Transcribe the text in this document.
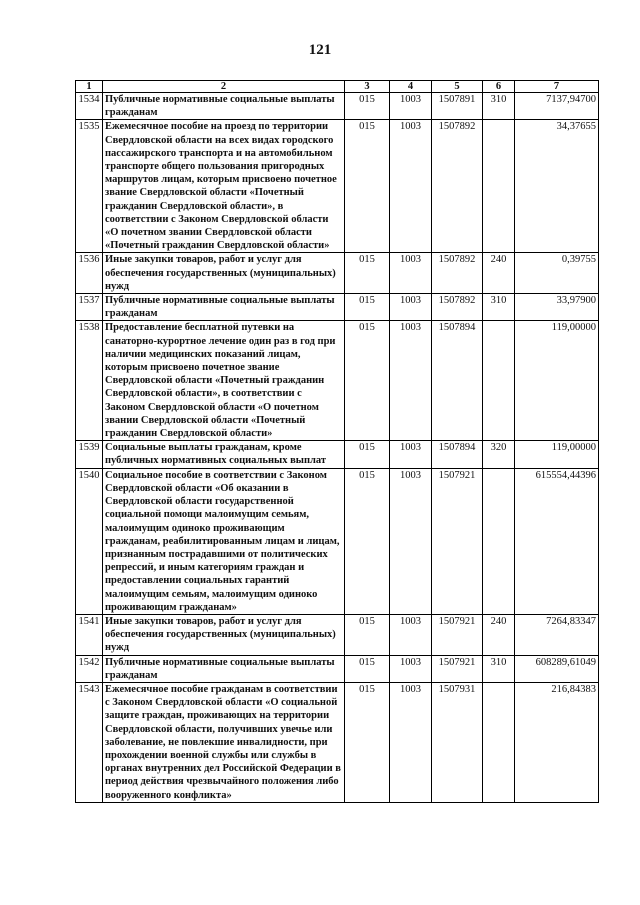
121
1	2	3	4	5	6	7
1534	Публичные нормативные социальные выплаты гражданам	015	1003	1507891	310	7137,94700
1535	Ежемесячное пособие на проезд по территории Свердловской области на всех видах городского пассажирского транспорта и на автомобильном транспорте общего пользования пригородных маршрутов лицам, которым присвоено почетное звание Свердловской области «Почетный гражданин Свердловской области», в соответствии с Законом Свердловской области «О почетном звании Свердловской области «Почетный гражданин Свердловской области»	015	1003	1507892		34,37655
1536	Иные закупки товаров, работ и услуг для обеспечения государственных (муниципальных) нужд	015	1003	1507892	240	0,39755
1537	Публичные нормативные социальные выплаты гражданам	015	1003	1507892	310	33,97900
1538	Предоставление бесплатной путевки на санаторно-курортное лечение один раз в год при наличии медицинских показаний лицам, которым присвоено почетное звание Свердловской области «Почетный гражданин Свердловской области», в соответствии с Законом Свердловской области «О почетном звании Свердловской области «Почетный гражданин Свердловской области»	015	1003	1507894		119,00000
1539	Социальные выплаты гражданам, кроме публичных нормативных социальных выплат	015	1003	1507894	320	119,00000
1540	Социальное пособие в соответствии с Законом Свердловской области «Об оказании в Свердловской области государственной социальной помощи малоимущим семьям, малоимущим одиноко проживающим гражданам, реабилитированным лицам и лицам, признанным пострадавшими от политических репрессий, и иным категориям граждан и предоставлении социальных гарантий малоимущим семьям, малоимущим одиноко проживающим гражданам»	015	1003	1507921		615554,44396
1541	Иные закупки товаров, работ и услуг для обеспечения государственных (муниципальных) нужд	015	1003	1507921	240	7264,83347
1542	Публичные нормативные социальные выплаты гражданам	015	1003	1507921	310	608289,61049
1543	Ежемесячное пособие гражданам в соответствии с Законом Свердловской области «О социальной защите граждан, проживающих на территории Свердловской области, получивших увечье или заболевание, не повлекшие инвалидности, при прохождении военной службы или службы в органах внутренних дел Российской Федерации в период действия чрезвычайного положения либо вооруженного конфликта»	015	1003	1507931		216,84383
